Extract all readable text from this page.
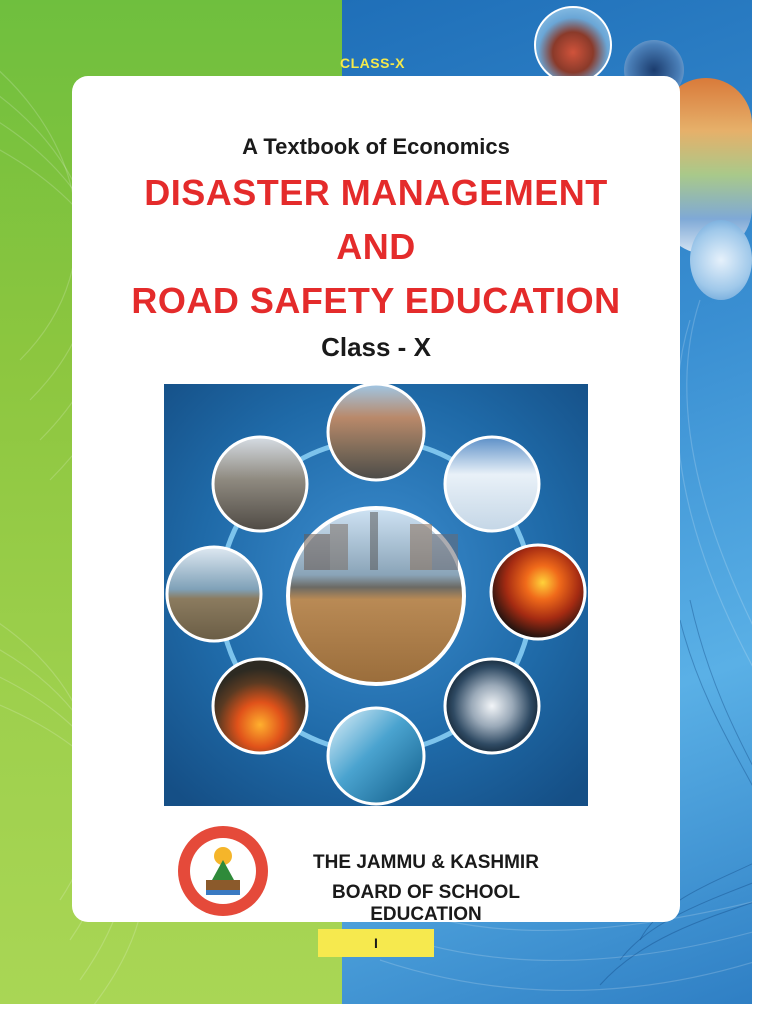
CLASS-X
A Textbook of Economics
DISASTER MANAGEMENT
AND
ROAD SAFETY EDUCATION
Class - X
THE JAMMU & KASHMIR
BOARD OF SCHOOL EDUCATION
I
